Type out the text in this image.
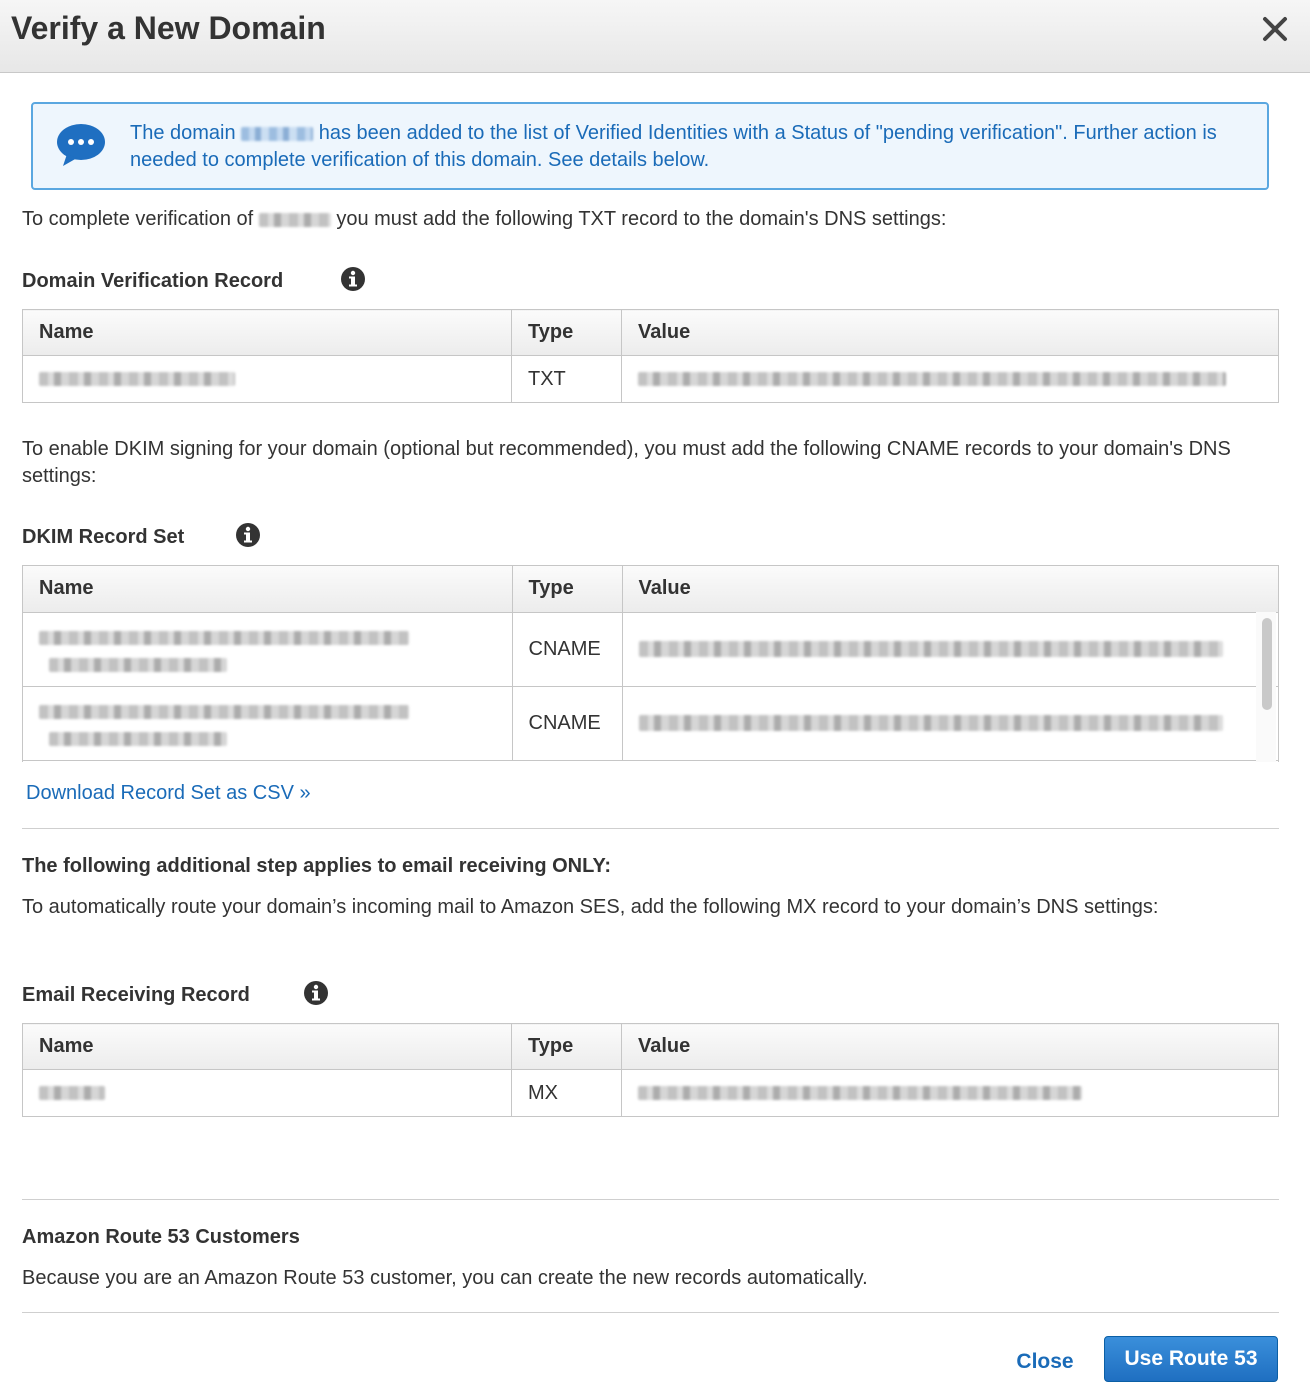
Verify a New Domain
The domain	has been added to the list of Verified Identities with a Status of "pending verification". Further action is needed to complete verification of this domain. See details below.
To complete verification of	you must add the following TXT record to the domain's DNS settings:
Domain Verification Record
Name	Type	Value
	TXT	
To enable DKIM signing for your domain (optional but recommended), you must add the following CNAME records to your domain's DNS settings:
DKIM Record Set
Name	Type	Value

	CNAME	

	CNAME	
Download Record Set as CSV »
The following additional step applies to email receiving ONLY:
To automatically route your domain’s incoming mail to Amazon SES, add the following MX record to your domain’s DNS settings:
Email Receiving Record
Name	Type	Value
	MX	
Amazon Route 53 Customers
Because you are an Amazon Route 53 customer, you can create the new records automatically.
Close	Use Route 53
